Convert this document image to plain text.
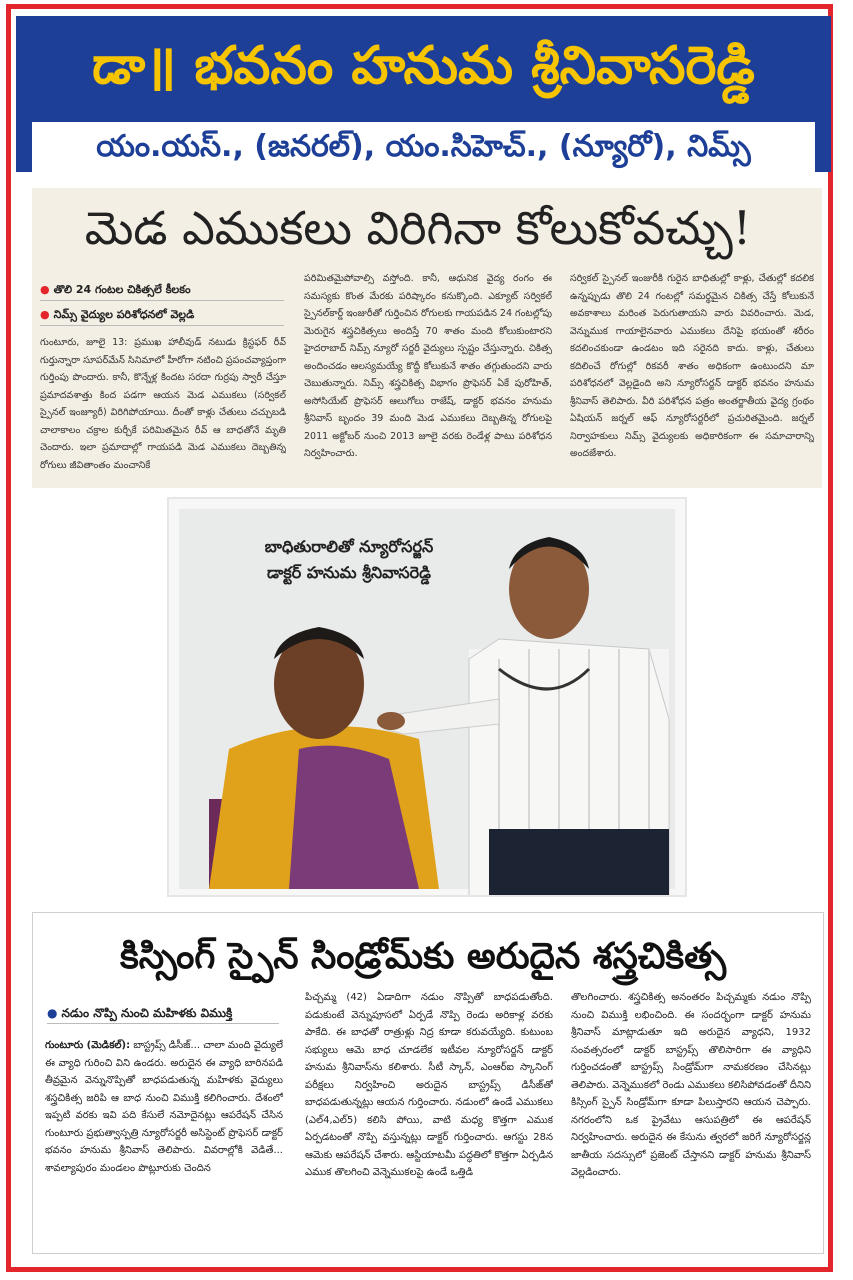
డా॥ భవనం హనుమ శ్రీనివాసరెడ్డి
యం.యస్., (జనరల్), యం.సిహెచ్., (న్యూరో), నిమ్స్
మెడ ఎముకలు విరిగినా కోలుకోవచ్చు!
● తొలి 24 గంటల చికిత్సలే కీలకం
● నిమ్స్ వైద్యుల పరిశోధనలో వెల్లడి
గుంటూరు, జూలై 13: ప్రముఖ హాలీవుడ్ నటుడు క్రిస్టఫర్ రీవ్ గుర్తున్నారా సూపర్‌మేన్ సినిమాలో హీరోగా నటించి ప్రపంచవ్యాప్తంగా గుర్తింపు పొందారు. కానీ, కొన్నేళ్ల కిందట సరదా గుర్రపు స్వారీ చేస్తూ ప్రమాదవశాత్తు కింద పడగా ఆయన మెడ ఎముకలు (సర్వికల్ స్పైనల్ ఇంజ్యూరీ) విరిగిపోయాయి. దీంతో కాళ్లు చేతులు చచ్చుబడి చాలాకాలం చక్రాల కుర్చీకే పరిమితమైన రీవ్ ఆ బాధతోనే మృతి చెందారు. ఇలా ప్రమాదాల్లో గాయపడి మెడ ఎముకలు దెబ్బతిన్న రోగులు జీవితాంతం మంచానికే
పరిమితమైపోవాల్సి వస్తోంది. కానీ, ఆధునిక వైద్య రంగం ఈ సమస్యకు కొంత మేరకు పరిష్కారం కనుక్కొంది. ఎక్యూట్ సర్వికల్ స్పైనల్‌కార్డ్ ఇంజురీతో గుర్తించిన రోగులకు గాయపడిన 24 గంటల్లోపు మెరుగైన శస్త్రచికిత్సలు అందిస్తే 70 శాతం మంది కోలుకుంటారని హైదరాబాద్ నిమ్స్ న్యూరో సర్జరీ వైద్యులు స్పష్టం చేస్తున్నారు. చికిత్స అందించడం ఆలస్యమయ్యే కొద్దీ కోలుకునే శాతం తగ్గుతుందని వారు చెబుతున్నారు. నిమ్స్ శస్త్రచికిత్స విభాగం ప్రొఫెసర్ ఏకే పురోహిత్, అసోసియేట్ ప్రొఫెసర్ ఆలుగోలు రాజేష్, డాక్టర్ భవనం హనుమ శ్రీనివాస్ బృందం 39 మంది మెడ ఎముకలు దెబ్బతిన్న రోగులపై 2011 అక్టోబర్ నుంచి 2013 జూలై వరకు రెండేళ్ల పాటు పరిశోధన నిర్వహించారు.
సర్వికల్ స్పైనల్ ఇంజురీకి గురైన బాధితుల్లో కాళ్లు, చేతుల్లో కదలిక ఉన్నప్పుడు తొలి 24 గంటల్లో సమర్థమైన చికిత్స చేస్తే కోలుకునే అవకాశాలు మరింత పెరుగుతాయని వారు వివరించారు. మెడ, వెన్నుముక గాయాలైనవారు ఎముకలు దేనిపై భయంతో శరీరం కదలించకుండా ఉండటం ఇది సరైనది కాదు. కాళ్లు, చేతులు కదిలించే రోగుల్లో రికవరీ శాతం అధికంగా ఉంటుందని మా పరిశోధనలో వెల్లడైంది అని న్యూరోసర్జన్ డాక్టర్ భవనం హనుమ శ్రీనివాస్ తెలిపారు. వీరి పరిశోధన పత్రం అంతర్జాతీయ వైద్య గ్రంథం ఏషియన్ జర్నల్ ఆఫ్ న్యూరోసర్జరీలో ప్రచురితమైంది. జర్నల్ నిర్వాహకులు నిమ్స్ వైద్యులకు అధికారికంగా ఈ సమాచారాన్ని అందజేశారు.
బాధితురాలితో న్యూరోసర్జన్
డాక్టర్ హనుమ శ్రీనివాసరెడ్డి
కిస్సింగ్ స్పైన్ సిండ్రోమ్‌కు అరుదైన శస్త్రచికిత్స
● నడుం నొప్పి నుంచి మహిళకు విముక్తి
గుంటూరు (మెడికల్): బాస్ట్రప్స్ డిసీజ్... చాలా మంది వైద్యులే ఈ వ్యాధి గురించి విని ఉండరు. అరుదైన ఈ వ్యాధి బారినపడి తీవ్రమైన వెన్నునొప్పితో బాధపడుతున్న మహిళకు వైద్యులు శస్త్రచికిత్స జరిపి ఆ బాధ నుంచి విముక్తి కలిగించారు. దేశంలో ఇప్పటి వరకు ఇవి పది కేసులే నమోదైనట్లు ఆపరేషన్ చేసిన గుంటూరు ప్రభుత్వాస్పత్రి న్యూరోసర్జరీ అసిస్టెంట్ ప్రొఫెసర్ డాక్టర్ భవనం హనుమ శ్రీనివాస్ తెలిపారు. వివరాల్లోకి వెడితే... శావల్యాపురం మండలం పొట్లూరుకు చెందిన
పిచ్చమ్మ (42) ఏడాదిగా నడుం నొప్పితో బాధపడుతోంది. పడుకుంటే వెన్నుపూసలో ఏర్పడే నొప్పి రెండు అరికాళ్ల వరకు పాకేది. ఈ బాధతో రాత్రుళ్లు నిద్ర కూడా కరువయ్యేది. కుటుంబ సభ్యులు ఆమె బాధ చూడలేక ఇటీవల న్యూరోసర్జన్ డాక్టర్ హనుమ శ్రీనివాస్‌ను కలిశారు. సీటీ స్కాన్, ఎంఆర్ఐ స్కానింగ్ పరీక్షలు నిర్వహించి అరుదైన బాస్ట్రప్స్ డిసీజ్‌తో బాధపడుతున్నట్లు ఆయన గుర్తించారు. నడుంలో ఉండే ఎముకలు (ఎల్4,ఎల్5) కలిసి పోయి, వాటి మధ్య కొత్తగా ఎముక ఏర్పడటంతో నొప్పి వస్తున్నట్లు డాక్టర్ గుర్తించారు. ఆగస్టు 28న ఆమెకు ఆపరేషన్ చేశారు. ఆస్టియాటమీ పద్ధతిలో కొత్తగా ఏర్పడిన ఎముక తొలగించి వెన్నెముకలపై ఉండే ఒత్తిడి
తొలగించారు. శస్త్రచికిత్స అనంతరం పిచ్చమ్మకు నడుం నొప్పి నుంచి విముక్తి లభించింది. ఈ సందర్భంగా డాక్టర్ హనుమ శ్రీనివాస్ మాట్లాడుతూ ఇది అరుదైన వ్యాధని, 1932 సంవత్సరంలో డాక్టర్ బాస్ట్రప్స్ తొలిసారిగా ఈ వ్యాధిని గుర్తించడంతో బాస్ట్రప్స్ సిండ్రోమ్‌గా నామకరణం చేసినట్లు తెలిపారు. వెన్నెముకలో రెండు ఎముకలు కలిసిపోవడంతో దీనిని కిస్సింగ్ స్పైన్ సిండ్రోమ్‌గా కూడా పిలుస్తారని ఆయన చెప్పారు. నగరంలోని ఒక ప్రైవేటు ఆసుపత్రిలో ఈ ఆపరేషన్ నిర్వహించారు. అరుదైన ఈ కేసును త్వరలో జరిగే న్యూరోసర్జన్ల జాతీయ సదస్సులో ప్రజెంట్ చేస్తానని డాక్టర్ హనుమ శ్రీనివాస్ వెల్లడించారు.
